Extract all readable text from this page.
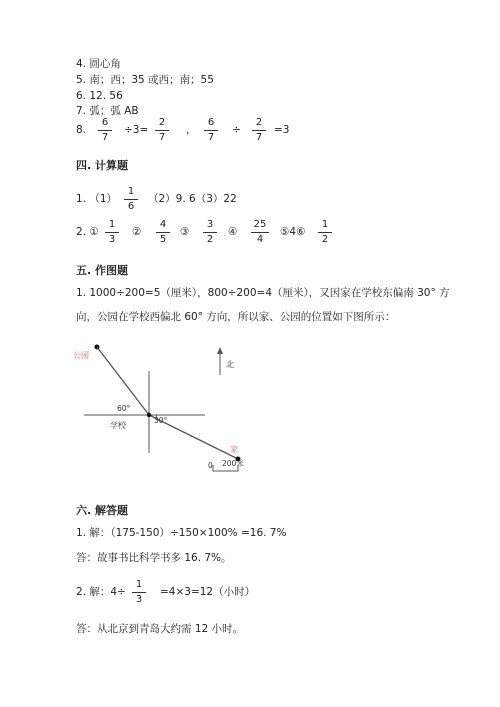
4. 圆心角
5. 南；西；35 或西；南；55
6. 12. 56
7. 弧；弧 AB
8.
6
7
÷3=
2
7
，
6
7
÷
2
7
=3
四. 计算题
1. （1）
1
6
（2）9. 6（3）22
2. ①
1
3
②
4
5
③
3
2
④
25
4
⑤4⑥
1
2
五. 作图题
1. 1000÷200=5（厘米），800÷200=4（厘米），又因家在学校东偏南 30° 方
向，公园在学校西偏北 60° 方向，所以家、公园的位置如下图所示：
公园
北
60°
30°
学校
家
0 200米
六. 解答题
1. 解：（175-150）÷150×100% =16. 7%
答：故事书比科学书多 16. 7%。
2. 解：4÷
1
3
=4×3=12（小时）
答：从北京到青岛大约需 12 小时。
